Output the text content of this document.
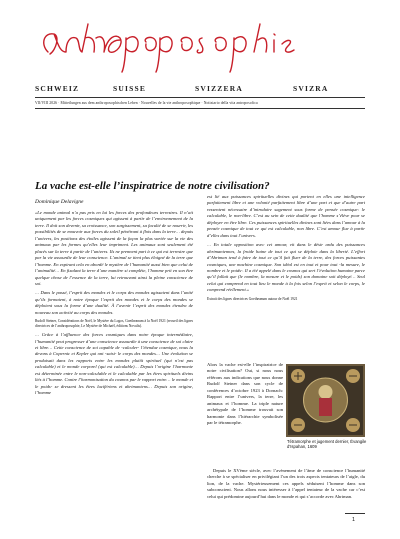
SCHWEIZ	SUISSE	SVIZZERA	SVIZRA
VII/VIII 2026 · Mitteilungen aus dem anthroposophischen Leben · Nouvelles de la vie anthroposophique · Notiziario della vita antroposofica
La vache est-elle l’inspiratrice de notre civilisation?
Dominique Delavigne

«Le monde animal n’a pas pris en lui les forces des profondeurs terrestres. Il n’ait uniquement par les forces cosmiques qui agissent à partir de l’environnement de la terre. Il doit son devenir, sa croissance, son surgissement, sa faculté de se nourrir, les possibilités de se mouvoir aux forces du soleil pénétrant à flots dans la terre… depuis l’univers, les positions des étoiles agissent de la façon la plus variée sur la vie des animaux par les formes qu’elles leur impriment. Les animaux sont seulement été placés sur la terre à partir de l’univers. Ils ne prennent part à ce qui est terrestre que par la vie assourdie de leur conscience. L’animal se tient plus éloigné de la terre que l’homme. En expirant cela en abordé le mystère de l’humanité aussi bien que celui de l’animalité… En fixalant la terre d’une manière si complète, l’homme prit en son être quelque chose de l’essence de la terre, lui retrouvant ainsi la pleine conscience de soi.

… Dans le passé, l’esprit des mondes et le corps des mondes agissaient dans l’unité qu’ils formaient, à notre époque l’esprit des mondes et le corps des mondes se déploient sous la forme d’une dualité. À l’avenir l’esprit des mondes étendra de nouveau son activité au corps des mondes.

Rudolf Steiner, Considérations de Noël, le Mystère du Logos, Goetheanum à la Noël 1921 (recueil des lignes directrices de l’anthroposophie, Le Mystère de Michaël, éditions Novalis).

… Grâce à l’affluence des forces cosmiques dans notre époque intermédiaire, l’humanité peut progresser d’une conscience assourdie à une conscience de soi claire et libre… Cette conscience de soi capable de -calculer- l’étendue cosmique, nous la devons à Copernic et Kepler qui ont -saisi- le corps des mondes… Une évolution se produisait dans les rapports entre les mondes plutôt spirituel (qui n’est pas calculable) et le monde corporel (qui est calculable)… Depuis l’origine l’harmonie est déterminée entre le non-calculable et le calculable par les êtres spirituels divins liés à l’homme. Contre l’harmonisation du cosmos par le rapport entre… le monde et le poids- se dressent les êtres lucifériens et ahrimaniens… Depuis son origine, l’homme

est lié aux puissances spirituelles divines qui portent en elles une intelligence parfaitement libre et une volonté parfaitement libre d’une part et que d’autre part ressentent nécessaire d’introduire sagement sous forme de pensée cosmique: le calculable, le non-libre. C’est au sein de cette dualité que l’homme s’élève pour se déployer en être libre. Ces puissances spirituelles divines sont liées dans l’amour à la pensée cosmique de tout ce qui est calculable, non libre. C’est amour flue à partir d’elles dans tout l’univers.

… En totale opposition avec cet amour, vit dans le désir ardu des puissances ahrimaniennes, la froide haine de tout ce qui se déploie dans la liberté. L’effort d’Ahriman tend à faire de tout ce qu’il fait fluer de la terre, des forces puissantes cosmiques, une machine cosmique. Son idéal est en tout et pour tout -la mesure, le nombre et le poids-. Il a été appelé dans le cosmos qui sert l’évolution humaine parce qu’il fallait que (le nombre, la mesure et le poids) son domaine soit déployé… Seul celui qui comprend en tout lieu le monde à la fois selon l’esprit et selon le corps, le comprend réellement.»

Extrait des lignes directrices Goetheanum autour de Noël 1921

Alors la vache est-elle l’inspiratrice de notre civilisation? Oui, si nous nous référons aux indications que nous donne Rudolf Steiner dans son cycle de conférences d’octobre 1923 à Dornach: Rapport entre l’univers, la terre, les animaux et l’homme. La triple nature archétypale de l’homme trouvait son harmonie dans l’hiérarchie symbolisée par le tétramorphe.

Depuis le XVème siècle, avec l’avènement de l’âme de conscience l’humanité cherche à se spécialiser en privilégiant l’un des trois aspects tentateurs de l’aigle, du lion, de la vache. Mystérieusement ces appels séduisent l’homme dans son subconscient. Nous allons nous intéresser à l’appel tentateur de la vache car c’est celui qui prédomine aujourd’hui dans le monde et qui s’accorde avec Ahriman.

Tétramorphe et jugement dernier, Évangile d’Ispahan, 1609
1
